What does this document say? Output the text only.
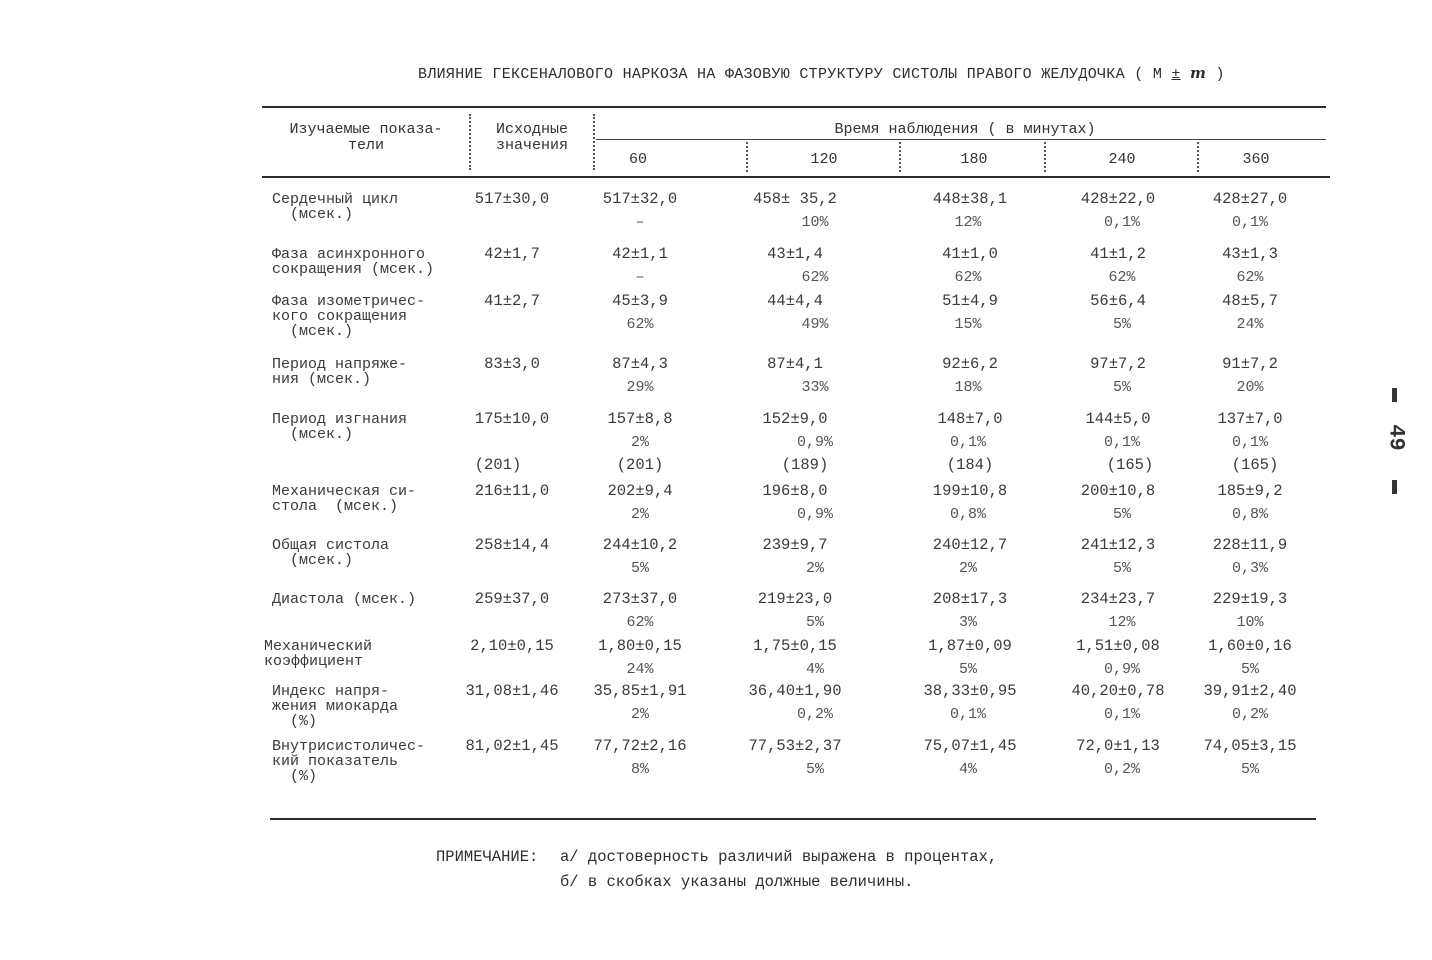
ВЛИЯНИЕ ГЕКСЕНАЛОВОГО НАРКОЗА НА ФАЗОВУЮ СТРУКТУРУ СИСТОЛЫ ПРАВОГО ЖЕЛУДОЧКА ( М ± m )
Изучаемые показа-
тели
Исходные
значения
Время наблюдения ( в минутах)
60	120	180	240	360
Сердечный цикл
(мсек.)
517±30,0	517±32,0	458± 35,2	448±38,1	428±22,0	428±27,0
–	10%	12%	0,1%	0,1%
Фаза асинхронного
сокращения (мсек.)
42±1,7	42±1,1	43±1,4	41±1,0	41±1,2	43±1,3
–	62%	62%	62%	62%
Фаза изометричес-
кого сокращения
(мсек.)
41±2,7	45±3,9	44±4,4	51±4,9	56±6,4	48±5,7
62%	49%	15%	5%	24%
Период напряже-
ния (мсек.)
83±3,0	87±4,3	87±4,1	92±6,2	97±7,2	91±7,2
29%	33%	18%	5%	20%
Период изгнания
(мсек.)
175±10,0	157±8,8	152±9,0	148±7,0	144±5,0	137±7,0
2%	0,9%	0,1%	0,1%	0,1%
Механическая си-
стола  (мсек.)
216±11,0	202±9,4	196±8,0	199±10,8	200±10,8	185±9,2
2%	0,9%	0,8%	5%	0,8%
(201)	(201)	(189)	(184)	(165)	(165)
Общая систола
(мсек.)
258±14,4	244±10,2	239±9,7	240±12,7	241±12,3	228±11,9
5%	2%	2%	5%	0,3%
Диастола (мсек.)	259±37,0	273±37,0	219±23,0	208±17,3	234±23,7	229±19,3
62%	5%	3%	12%	10%
Механический
коэффициент
2,10±0,15	1,80±0,15	1,75±0,15	1,87±0,09	1,51±0,08	1,60±0,16
24%	4%	5%	0,9%	5%
Индекс напря-
жения миокарда
(%)
31,08±1,46	35,85±1,91	36,40±1,90	38,33±0,95	40,20±0,78	39,91±2,40
2%	0,2%	0,1%	0,1%	0,2%
Внутрисистоличес-
кий показатель
(%)
81,02±1,45	77,72±2,16	77,53±2,37	75,07±1,45	72,0±1,13	74,05±3,15
8%	5%	4%	0,2%	5%
49
ПРИМЕЧАНИЕ: а/ достоверность различий выражена в процентах,
б/ в скобках указаны должные величины.
